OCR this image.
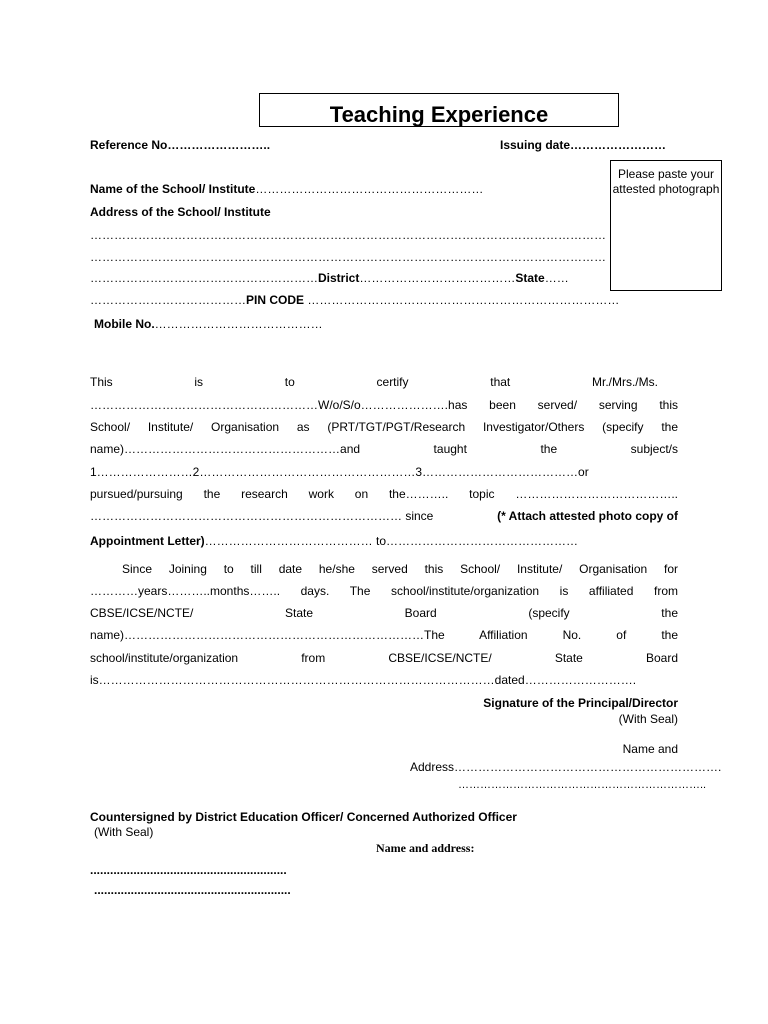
Teaching Experience
Reference No……………………..	Issuing date……………………
Please paste your attested photograph
Name of the School/ Institute…………………………………………………
Address of the School/ Institute
…………………………………………………………………………………………………………………
…………………………………………………………………………………………………………………
…………………………………………………District…………………………………State……
…………………………………PIN CODE ……………………………………………………………………
Mobile No.……………………………………
This	is	to	certify	that	Mr./Mrs./Ms.
…………………………………………………W/o/S/o………………….has been served/ serving this
School/ Institute/ Organisation as (PRT/TGT/PGT/Research Investigator/Others (specify the
name)………………………………………………and taught the subject/s
1……………………2………………………………………………3…………………………………or
pursued/pursuing the research work on the……….. topic …………………………………..
…………………………………………………………………… since	(* Attach attested photo copy of
Appointment Letter)…………………………………… to…………………………………………
Since Joining to till date he/she served this School/ Institute/ Organisation for
…………years………..months…….. days. The school/institute/organization is affiliated from
CBSE/ICSE/NCTE/ State Board (specify the
name)…………………………………………………………………The Affiliation No. of the
school/institute/organization from CBSE/ICSE/NCTE/ State Board
is………………………………………………………………………………………dated……………………….
Signature of the Principal/Director
(With Seal)
Name and
Address………………………………………………………….
…………………………………………………………..
Countersigned by District Education Officer/ Concerned Authorized Officer
(With Seal)
Name and address:
...........................................................
...........................................................
